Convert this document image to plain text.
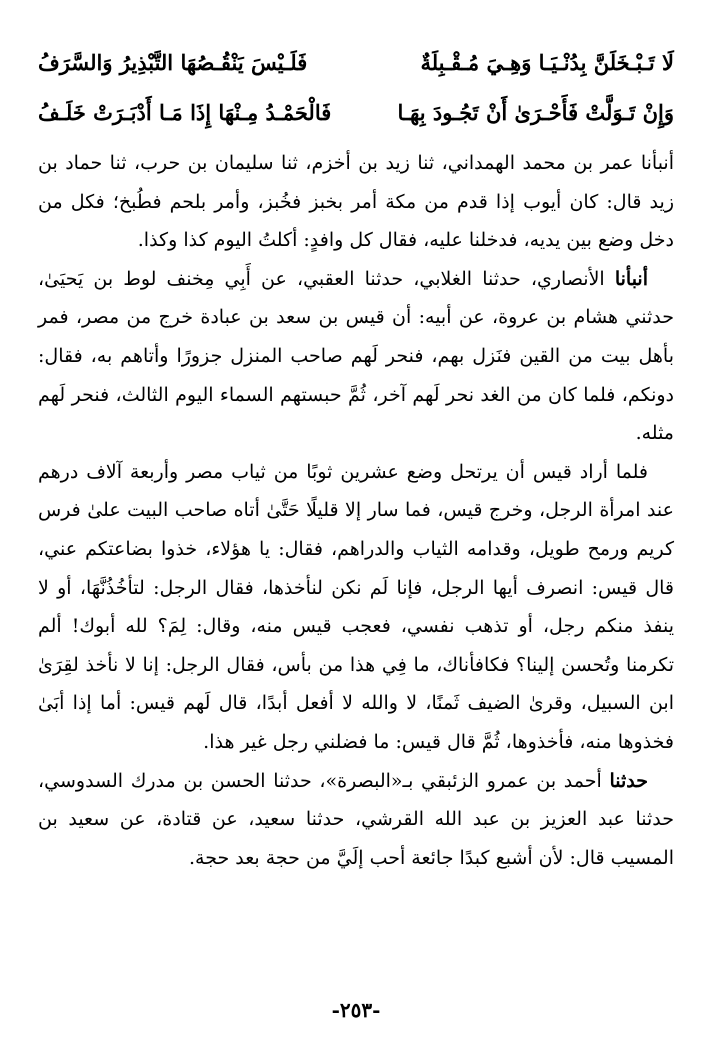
لَا تَـبْـخَلَنَّ بِدُنْـيَـا وَهِـيَ مُـقْـبِلَةٌ
فَلَـيْسَ يَنْقُـصُهَا التَّبْذِيرُ وَالسَّرَفُ
وَإِنْ تَـوَلَّتْ فَأَحْـرَىٰ أَنْ تَجُـودَ بِهَـا
فَالْحَمْـدُ مِـنْهَا إِذَا مَـا أَدْبَـرَتْ خَلَـفُ

أنبأنا عمر بن محمد الهمداني، ثنا زيد بن أخزم، ثنا سليمان بن حرب، ثنا حماد بن زيد قال: كان أيوب إذا قدم من مكة أمر بخبز فخُبز، وأمر بلحم فطُبخ؛ فكل من دخل وضع بين يديه، فدخلنا عليه، فقال كل وافدٍ: أكلتُ اليوم كذا وكذا.

أنبأنا الأنصاري، حدثنا الغلابي، حدثنا العقبي، عن أَبِي مِخنف لوط بن يَحيَىٰ، حدثني هشام بن عروة، عن أبيه: أن قيس بن سعد بن عبادة خرج من مصر، فمر بأهل بيت من القين فنَزل بهم، فنحر لَهم صاحب المنزل جزورًا وأتاهم به، فقال: دونكم، فلما كان من الغد نحر لَهم آخر، ثُمَّ حبستهم السماء اليوم الثالث، فنحر لَهم مثله.

فلما أراد قيس أن يرتحل وضع عشرين ثوبًا من ثياب مصر وأربعة آلاف درهم عند امرأة الرجل، وخرج قيس، فما سار إلا قليلًا حَتَّىٰ أتاه صاحب البيت علىٰ فرس كريم ورمح طويل، وقدامه الثياب والدراهم، فقال: يا هؤلاء، خذوا بضاعتكم عني، قال قيس: انصرف أيها الرجل، فإنا لَم نكن لنأخذها، فقال الرجل: لتأخُذُنَّهَا، أو لا ينفذ منكم رجل، أو تذهب نفسي، فعجب قيس منه، وقال: لِمَ؟ لله أبوك! ألم تكرمنا وتُحسن إلينا؟ فكافأناك، ما فِي هذا من بأس، فقال الرجل: إنا لا نأخذ لقِرَىٰ ابن السبيل، وقرىٰ الضيف ثَمنًا، لا والله لا أفعل أبدًا، قال لَهم قيس: أما إذا أبَىٰ فخذوها منه، فأخذوها، ثُمَّ قال قيس: ما فضلني رجل غير هذا.

حدثنا أحمد بن عمرو الزئبقي بـ«البصرة»، حدثنا الحسن بن مدرك السدوسي، حدثنا عبد العزيز بن عبد الله القرشي، حدثنا سعيد، عن قتادة، عن سعيد بن المسيب قال: لأن أشبع كبدًا جائعة أحب إلَيَّ من حجة بعد حجة.

-٢٥٣-
